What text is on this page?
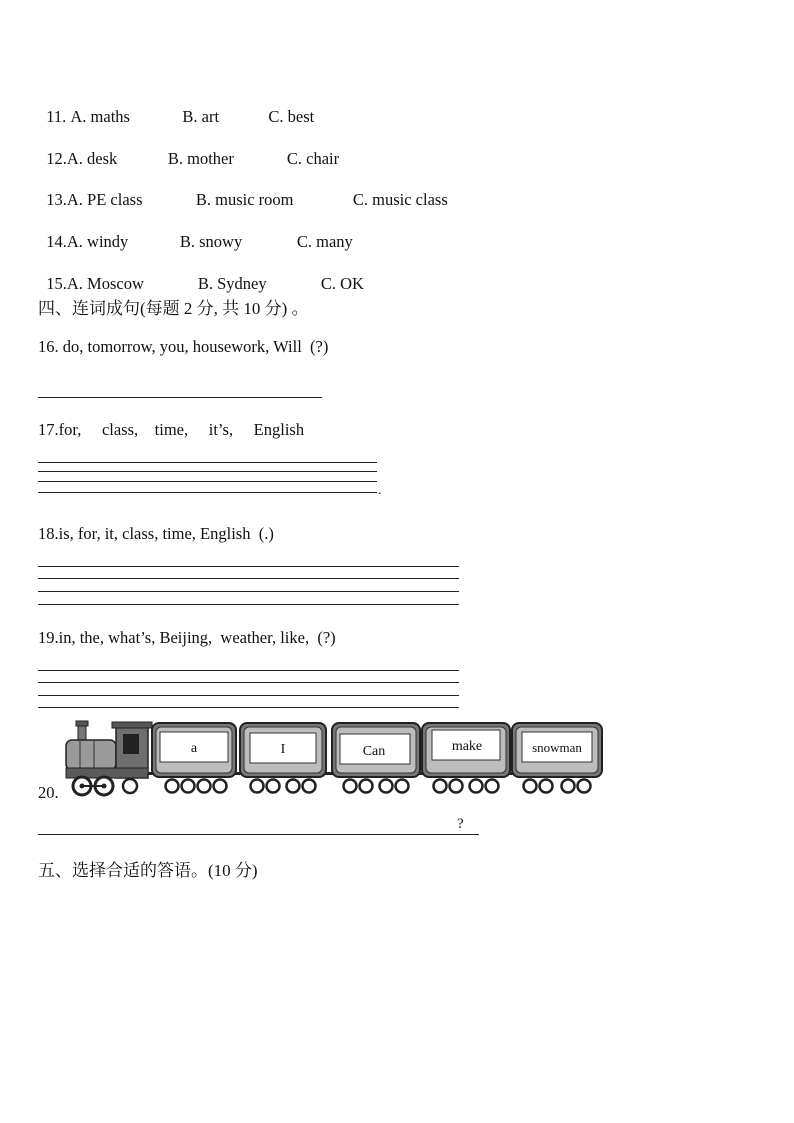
11. A. maths	B. art	C. best

12.A. desk	B. mother	C. chair

13.A. PE class	B. music room	C. music class

14.A. windy	B. snowy	C. many

15.A. Moscow	B. Sydney	C. OK

四、连词成句(每题 2 分, 共 10 分) 。
16. do, tomorrow, you, housework, Will  (?)
17.for,     class,    time,     it’s,     English
.
18.is, for, it, class, time, English  (.)
19.in, the, what’s, Beijing,  weather, like,  (?)
20.
a	I	Can	make	snowman
?
五、选择合适的答语。(10 分)
